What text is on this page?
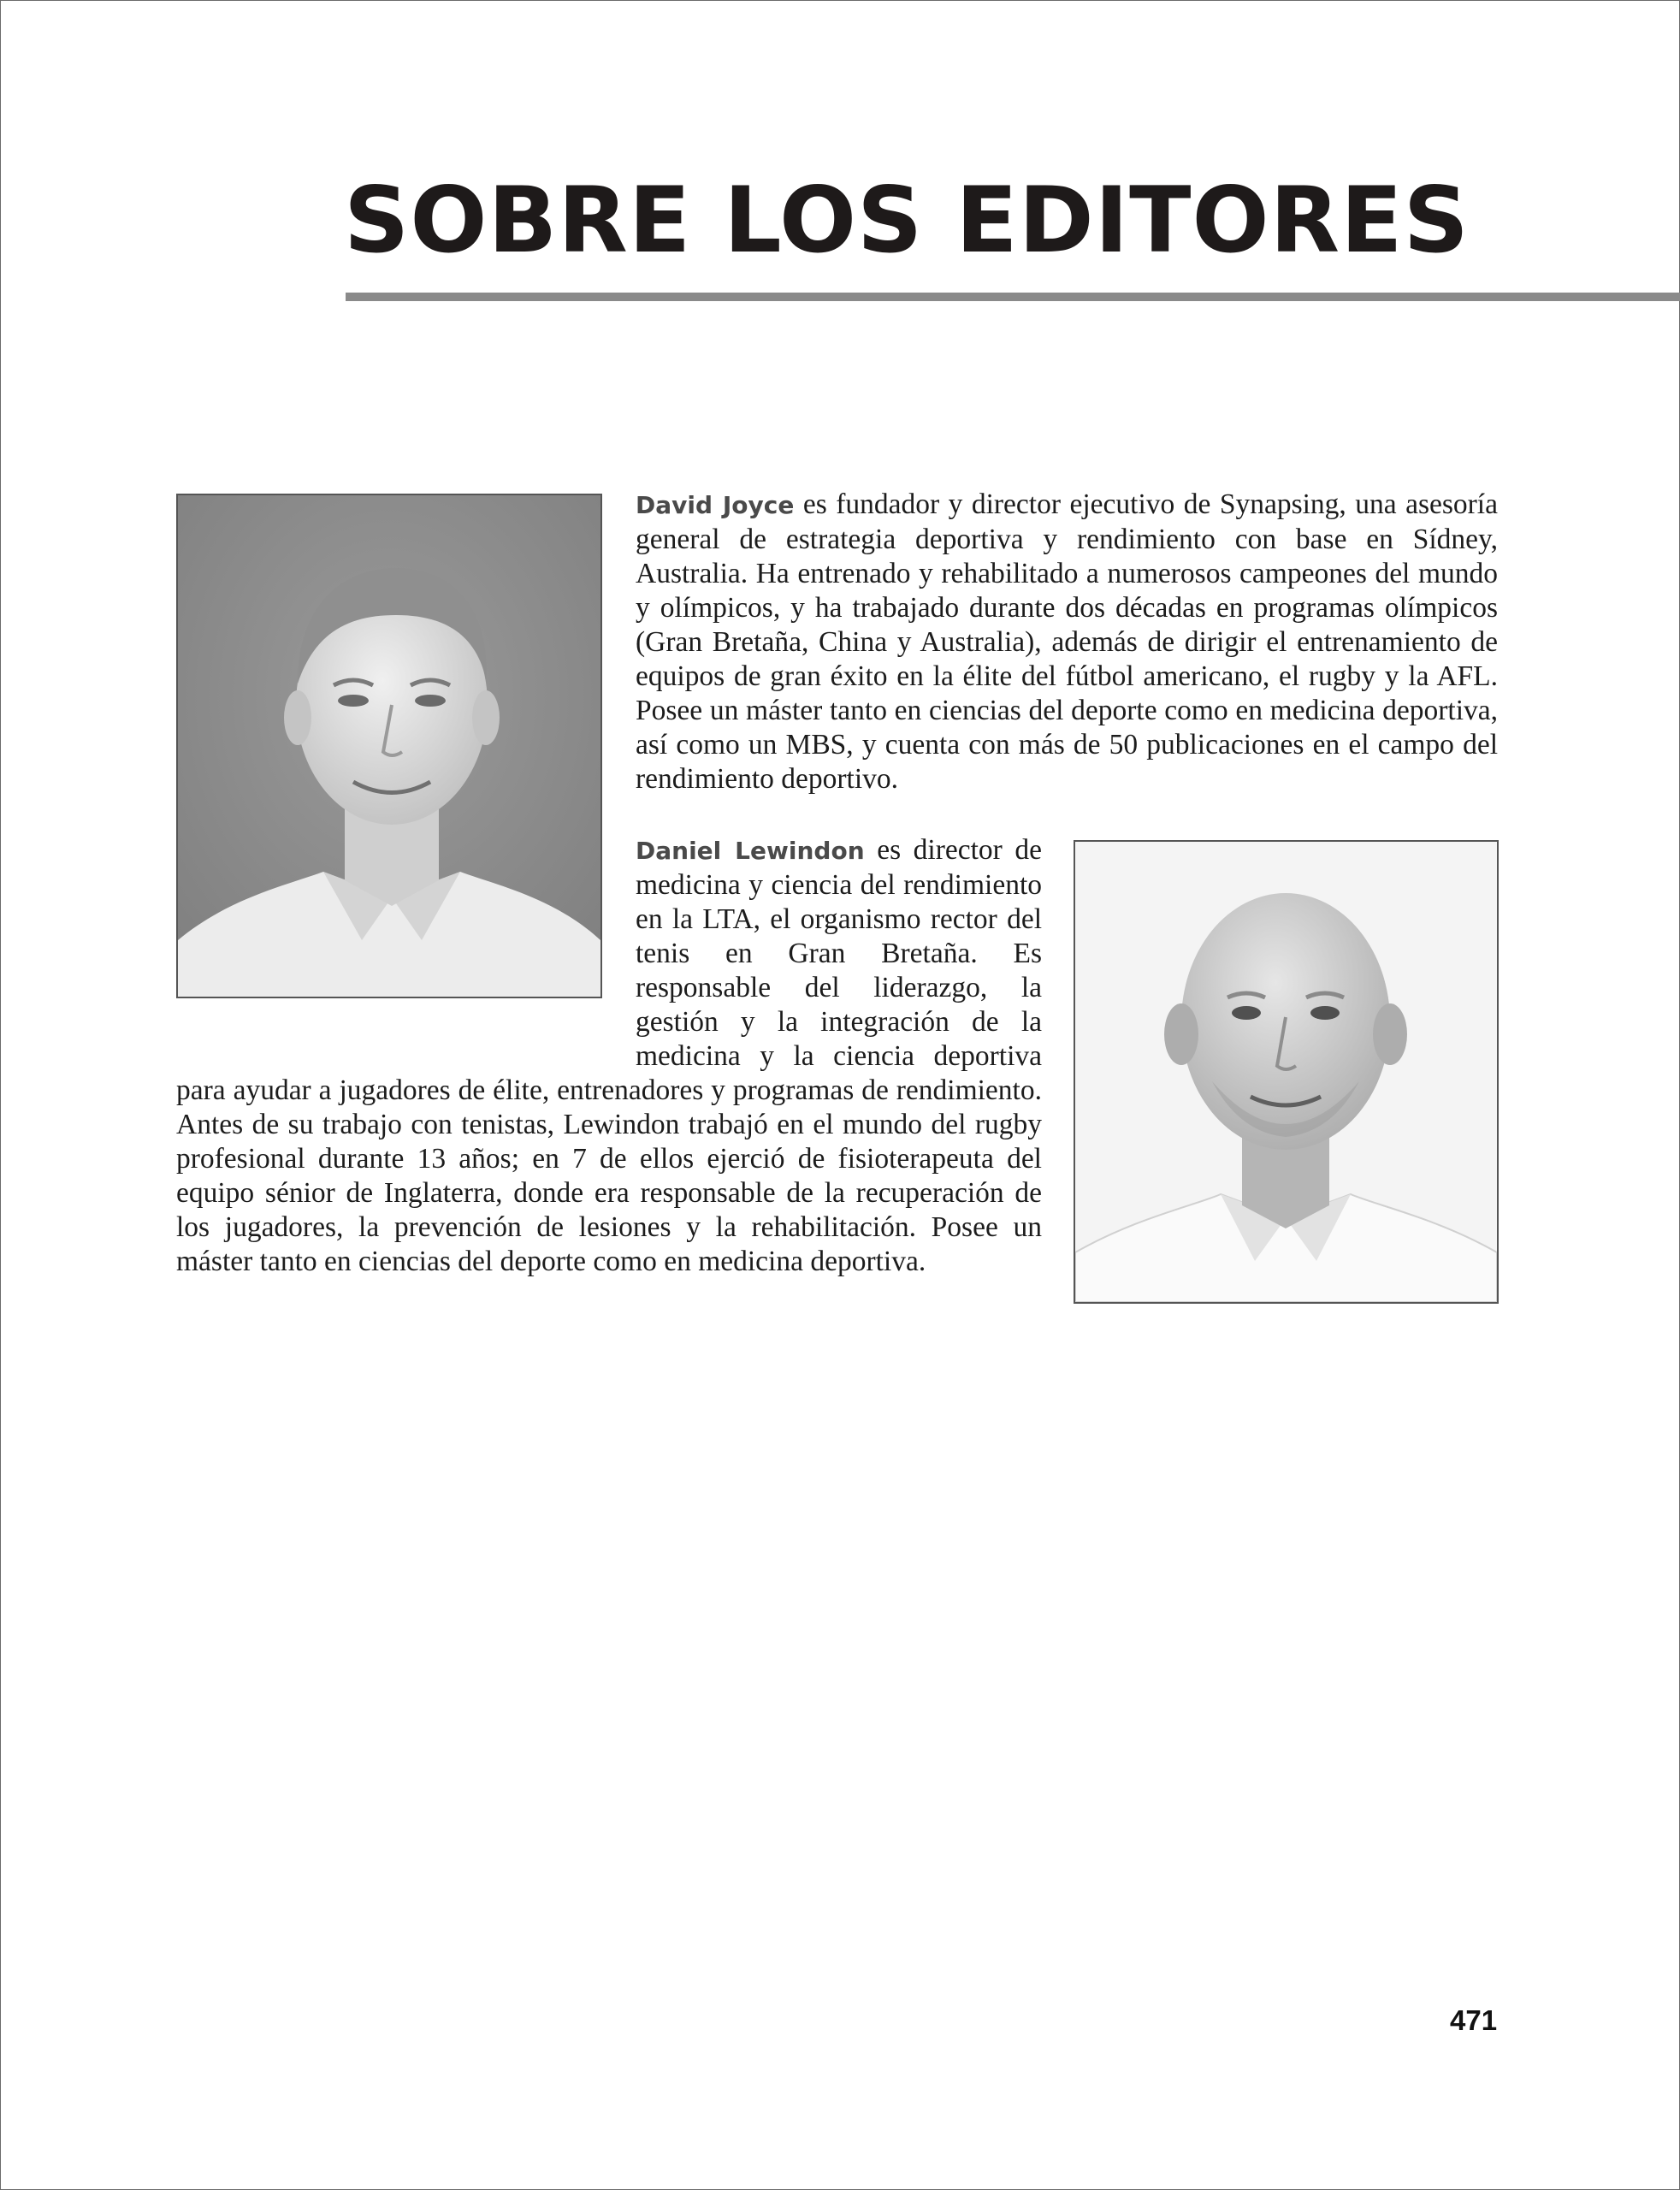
SOBRE LOS EDITORES
David Joyce es fundador y director ejecutivo de Synapsing, una asesoría general de estrategia deportiva y rendimiento con base en Sídney, Australia. Ha entrenado y rehabilitado a numerosos campeones del mundo y olímpicos, y ha trabajado durante dos décadas en programas olímpicos (Gran Bretaña, China y Australia), además de dirigir el entrenamiento de equipos de gran éxito en la élite del fútbol americano, el rugby y la AFL. Posee un máster tanto en ciencias del deporte como en medicina deportiva, así como un MBS, y cuenta con más de 50 publicaciones en el campo del rendimiento deportivo.
Daniel Lewindon es director de medicina y ciencia del rendimiento en la LTA, el organismo rector del tenis en Gran Bretaña. Es responsable del liderazgo, la gestión y la integración de la medicina y la ciencia deportiva para ayudar a jugadores de élite, entrenadores y programas de rendimiento. Antes de su trabajo con tenistas, Lewindon trabajó en el mundo del rugby profesional durante 13 años; en 7 de ellos ejerció de fisioterapeuta del equipo sénior de Inglaterra, donde era responsable de la recuperación de los jugadores, la prevención de lesiones y la rehabilitación. Posee un máster tanto en ciencias del deporte como en medicina deportiva.
471
